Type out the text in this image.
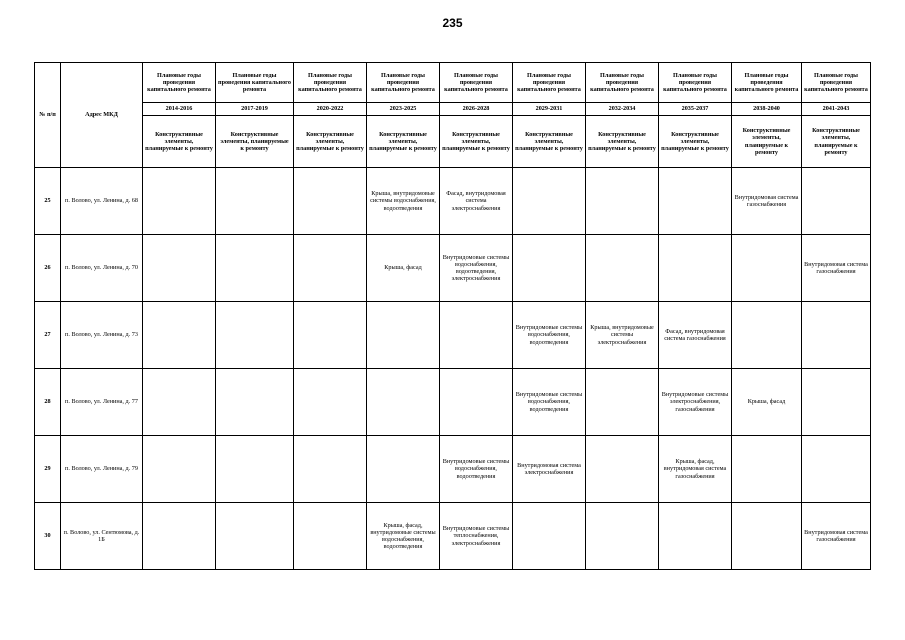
235
№ п/п	Адрес МКД	Плановые годы проведения капитального ремонта	Плановые годы проведения капитального ремонта	Плановые годы проведения капитального ремонта	Плановые годы проведения капитального ремонта	Плановые годы проведения капитального ремонта	Плановые годы проведения капитального ремонта	Плановые годы проведения капитального ремонта	Плановые годы проведения капитального ремонта	Плановые годы проведения капитального ремонта	Плановые годы проведения капитального ремонта
		2014-2016	2017-2019	2020-2022	2023-2025	2026-2028	2029-2031	2032-2034	2035-2037	2038-2040	2041-2043
		Конструктивные элементы, планируемые к ремонту	Конструктивные элементы, планируемые к ремонту	Конструктивные элементы, планируемые к ремонту	Конструктивные элементы, планируемые к ремонту	Конструктивные элементы, планируемые к ремонту	Конструктивные элементы, планируемые к ремонту	Конструктивные элементы, планируемые к ремонту	Конструктивные элементы, планируемые к ремонту	Конструктивные элементы, планируемые к ремонту	Конструктивные элементы, планируемые к ремонту
25	п. Волово, ул. Ленина, д. 68				Крыша, внутридомовые системы водоснабжения, водоотведения	Фасад, внутридомовая система электроснабжения				Внутридомовая система газоснабжения	
26	п. Волово, ул. Ленина, д. 70				Крыша, фасад	Внутридомовые системы водоснабжения, водоотведения, электроснабжения					Внутридомовая система газоснабжения
27	п. Волово, ул. Ленина, д. 73						Внутридомовые системы водоснабжения, водоотведения	Крыша, внутридомовые системы электроснабжения	Фасад, внутридомовая система газоснабжения		
28	п. Волово, ул. Ленина, д. 77						Внутридомовые системы водоснабжения, водоотведения		Внутридомовые системы электроснабжения, газоснабжения	Крыша, фасад	
29	п. Волово, ул. Ленина, д. 79					Внутридомовые системы водоснабжения, водоотведения	Внутридомовая система электроснабжения		Крыша, фасад, внутридомовая система газоснабжения		
30	п. Волово, ул. Сентюмова, д. 1Б				Крыша, фасад, внутридомовые системы водоснабжения, водоотведения	Внутридомовые системы теплоснабжения, электроснабжения					Внутридомовая система газоснабжения
